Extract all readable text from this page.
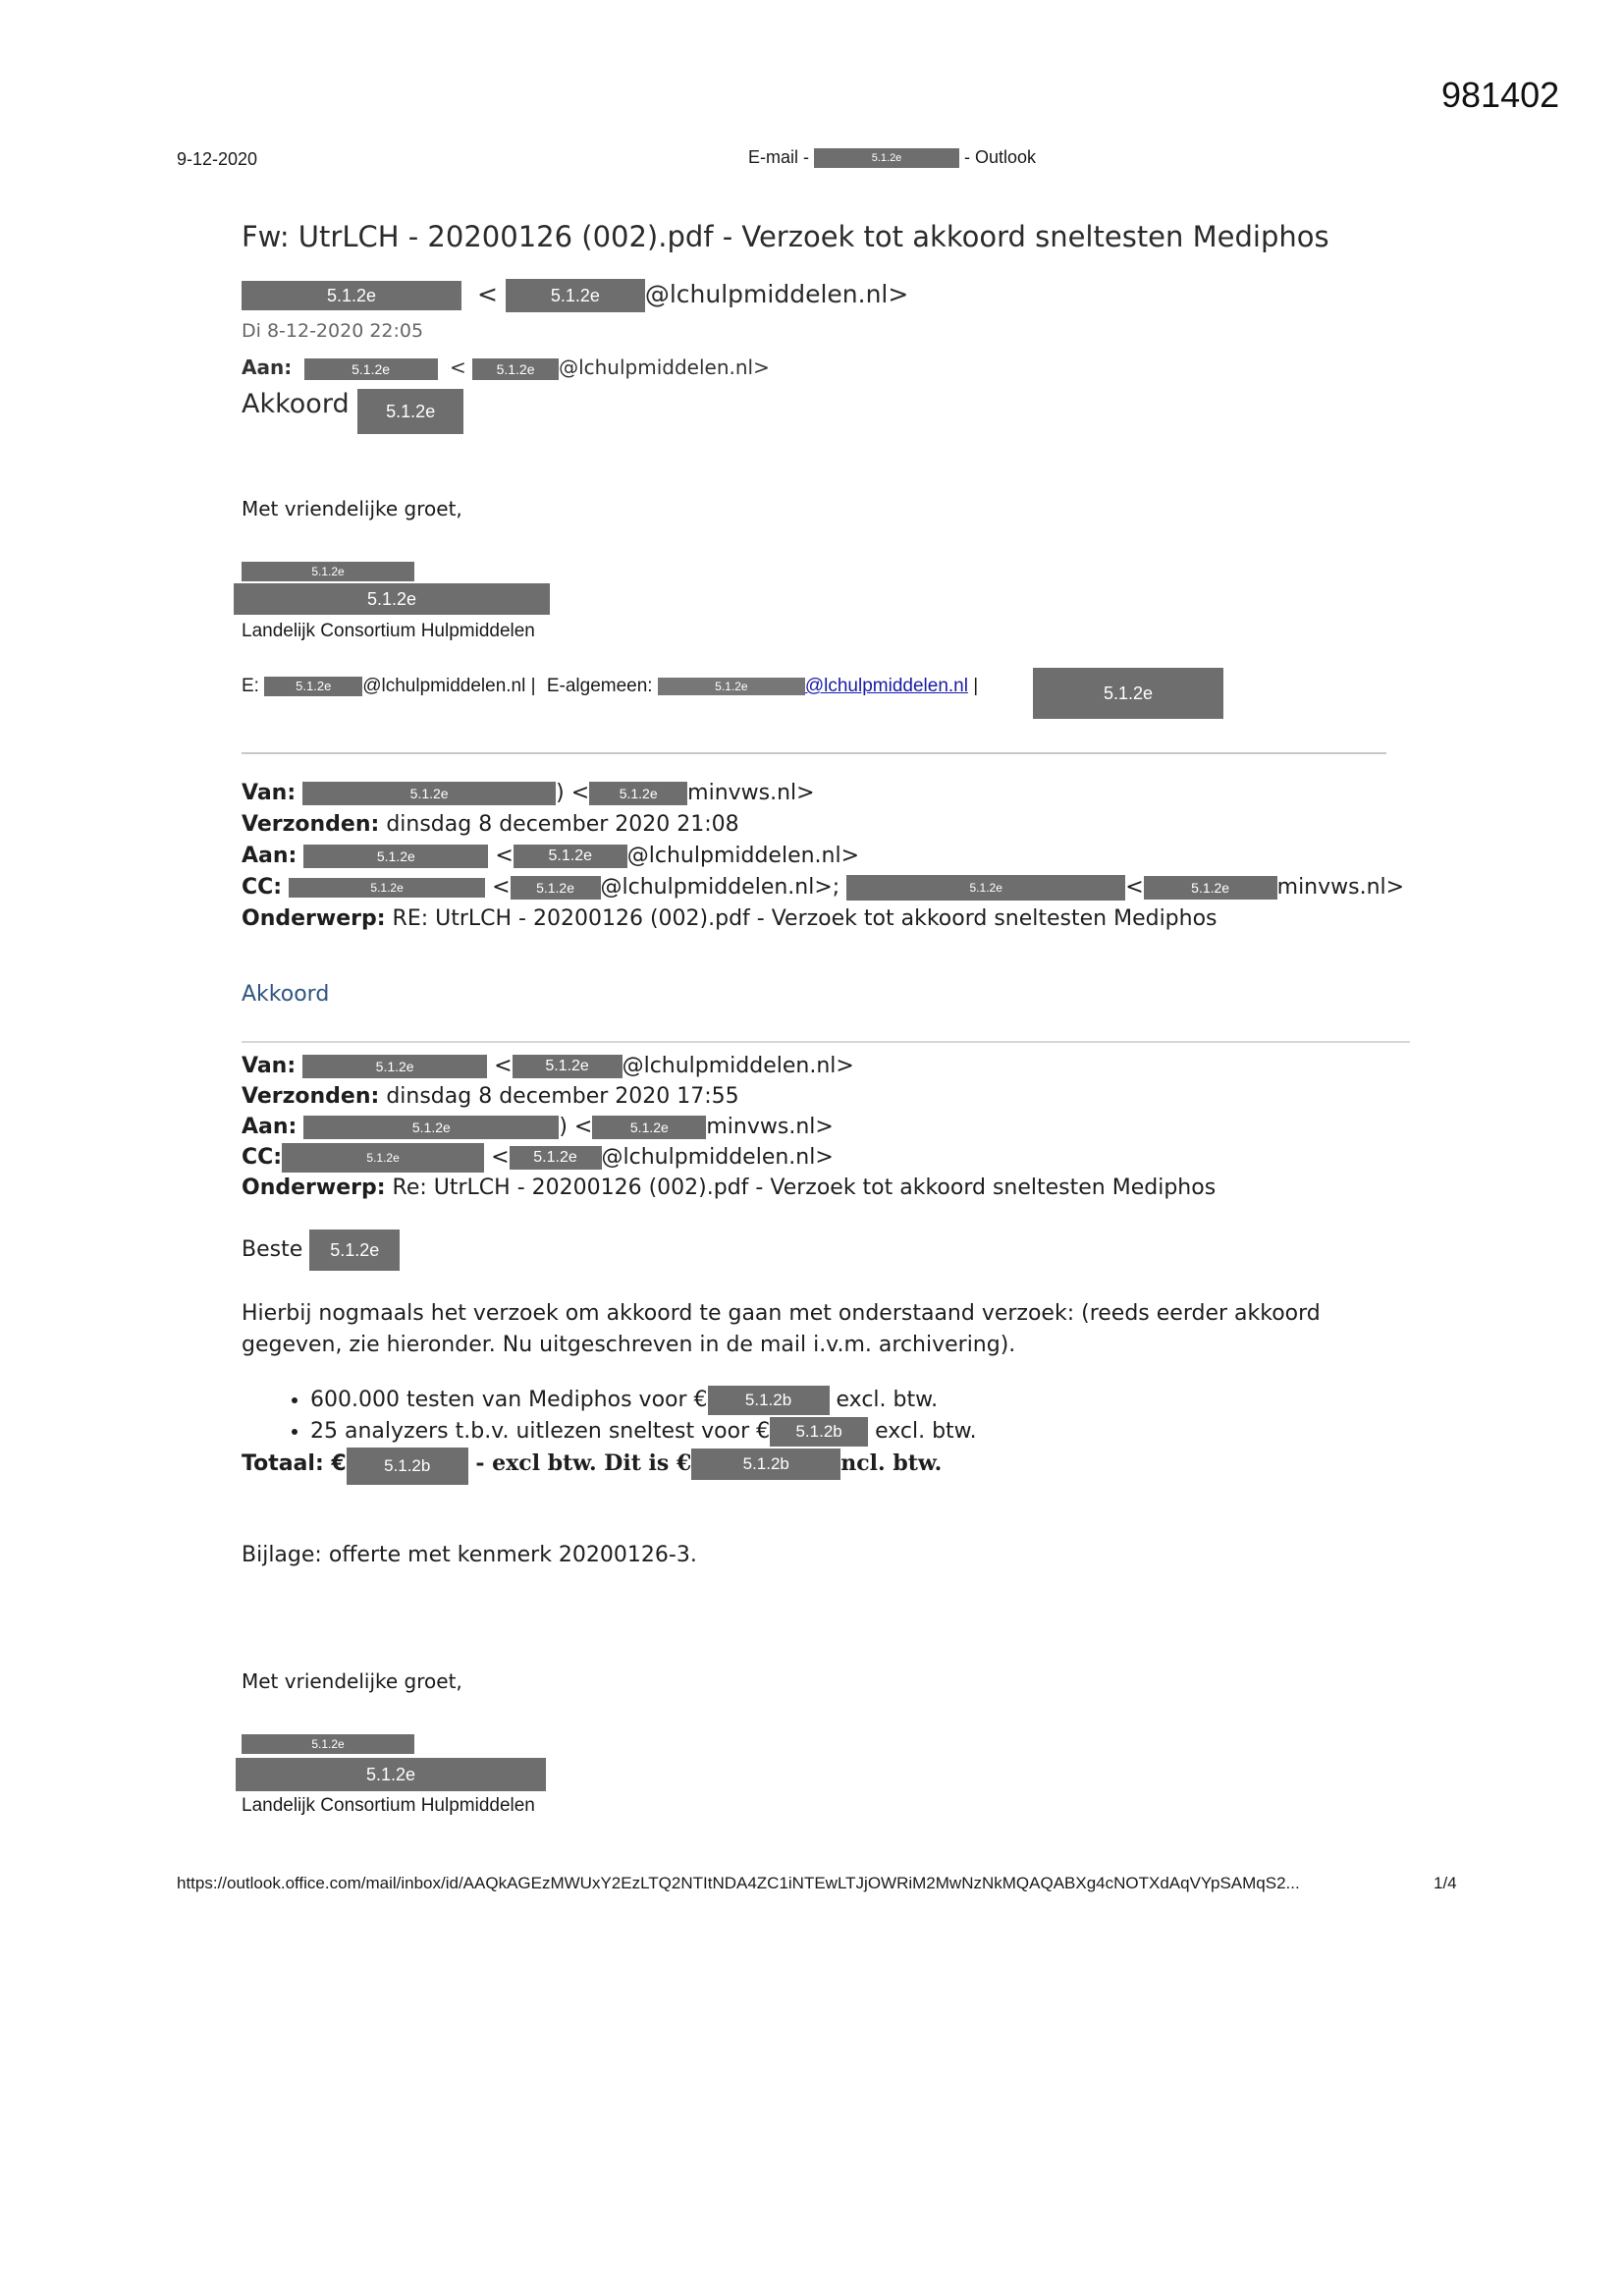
981402
9-12-2020	E-mail -	5.1.2e	- Outlook
Fw: UtrLCH - 20200126 (002).pdf - Verzoek tot akkoord sneltesten Mediphos
5.1.2e	<	5.1.2e @lchulpmiddelen.nl>
Di 8-12-2020 22:05
Aan:	5.1.2e	< 5.1.2e @lchulpmiddelen.nl>
Akkoord 5.1.2e
Met vriendelijke groet,
5.1.2e
5.1.2e
Landelijk Consortium Hulpmiddelen
E:	5.1.2e @lchulpmiddelen.nl | E-algemeen:	5.1.2e	@lchulpmiddelen.nl |	5.1.2e
Van:	5.1.2e	) < 5.1.2e minvws.nl>
Verzonden: dinsdag 8 december 2020 21:08
Aan:	5.1.2e	< 5.1.2e @lchulpmiddelen.nl>
CC:	5.1.2e	< 5.1.2e @lchulpmiddelen.nl>;	5.1.2e	<	5.1.2e minvws.nl>
Onderwerp: RE: UtrLCH - 20200126 (002).pdf - Verzoek tot akkoord sneltesten Mediphos
Akkoord
Van:	5.1.2e	< 5.1.2e @lchulpmiddelen.nl>
Verzonden: dinsdag 8 december 2020 17:55
Aan:	5.1.2e	) <	5.1.2e minvws.nl>
CC:	5.1.2e	< 5.1.2e @lchulpmiddelen.nl>
Onderwerp: Re: UtrLCH - 20200126 (002).pdf - Verzoek tot akkoord sneltesten Mediphos
Beste 5.1.2e
Hierbij nogmaals het verzoek om akkoord te gaan met onderstaand verzoek: (reeds eerder akkoord gegeven, zie hieronder. Nu uitgeschreven in de mail i.v.m. archivering).
• 600.000 testen van Mediphos voor € 5.1.2b excl. btw.
• 25 analyzers t.b.v. uitlezen sneltest voor € 5.1.2b excl. btw.
Totaal: € 5.1.2b - excl btw. Dit is €	5.1.2b ncl. btw.
Bijlage: offerte met kenmerk 20200126-3.
Met vriendelijke groet,
5.1.2e
5.1.2e
Landelijk Consortium Hulpmiddelen
https://outlook.office.com/mail/inbox/id/AAQkAGEzMWUxY2EzLTQ2NTItNDA4ZC1iNTEwLTJjOWRiM2MwNzNkMQAQABXg4cNOTXdAqVYpSAMqS2...	1/4
